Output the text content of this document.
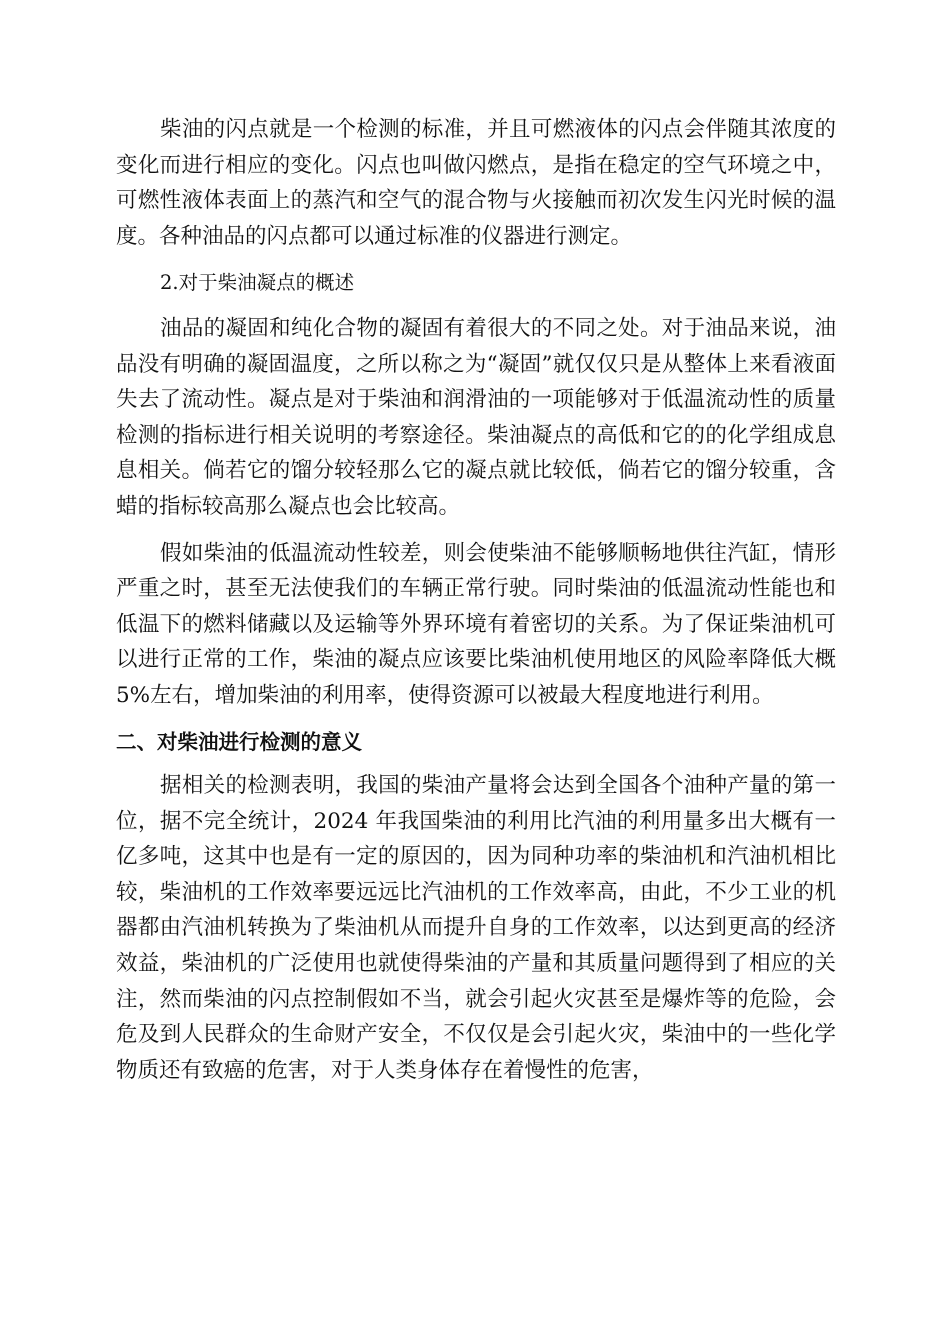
柴油的闪点就是一个检测的标准，并且可燃液体的闪点会伴随其浓度的变化而进行相应的变化。闪点也叫做闪燃点，是指在稳定的空气环境之中，可燃性液体表面上的蒸汽和空气的混合物与火接触而初次发生闪光时候的温度。各种油品的闪点都可以通过标准的仪器进行测定。

2.对于柴油凝点的概述

油品的凝固和纯化合物的凝固有着很大的不同之处。对于油品来说，油品没有明确的凝固温度，之所以称之为“凝固”就仅仅只是从整体上来看液面失去了流动性。凝点是对于柴油和润滑油的一项能够对于低温流动性的质量检测的指标进行相关说明的考察途径。柴油凝点的高低和它的的化学组成息息相关。倘若它的馏分较轻那么它的凝点就比较低，倘若它的馏分较重，含蜡的指标较高那么凝点也会比较高。

假如柴油的低温流动性较差，则会使柴油不能够顺畅地供往汽缸，情形严重之时，甚至无法使我们的车辆正常行驶。同时柴油的低温流动性能也和低温下的燃料储藏以及运输等外界环境有着密切的关系。为了保证柴油机可以进行正常的工作，柴油的凝点应该要比柴油机使用地区的风险率降低大概 5%左右，增加柴油的利用率，使得资源可以被最大程度地进行利用。

二、对柴油进行检测的意义

据相关的检测表明，我国的柴油产量将会达到全国各个油种产量的第一位，据不完全统计，2024 年我国柴油的利用比汽油的利用量多出大概有一亿多吨，这其中也是有一定的原因的，因为同种功率的柴油机和汽油机相比较，柴油机的工作效率要远远比汽油机的工作效率高，由此，不少工业的机器都由汽油机转换为了柴油机从而提升自身的工作效率，以达到更高的经济效益，柴油机的广泛使用也就使得柴油的产量和其质量问题得到了相应的关注，然而柴油的闪点控制假如不当，就会引起火灾甚至是爆炸等的危险，会危及到人民群众的生命财产安全，不仅仅是会引起火灾，柴油中的一些化学物质还有致癌的危害，对于人类身体存在着慢性的危害，
